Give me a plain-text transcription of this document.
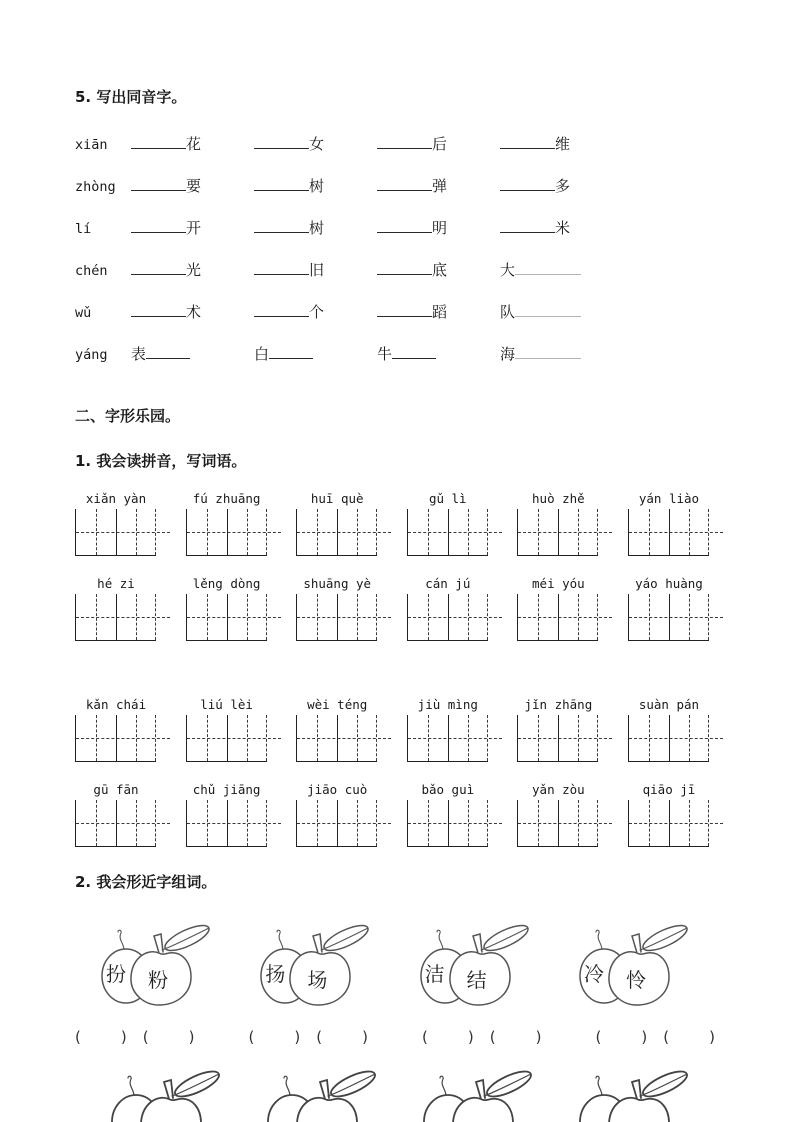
5. 写出同音字。
xiān	花	女	后	维
zhòng	要	树	弹	多
lí	开	树	明	米
chén	光	旧	底	大
wǔ	术	个	蹈	队
yáng	表	白	牛	海
二、字形乐园。
1. 我会读拼音，写词语。
xiǎn yàn	fú zhuāng	huī què	gǔ lì	huò zhě	yán liào
hé zi	lěng dòng	shuāng yè	cán jú	méi yóu	yáo huàng
kǎn chái	liú lèi	wèi téng	jiù mìng	jǐn zhāng	suàn pán
gū fān	chǔ jiāng	jiāo cuò	bǎo guì	yǎn zòu	qiāo jī
2. 我会形近字组词。
扮 粉	扬 场	洁 结	冷 怜
(	) (	)	(	) (	)	(	) (	)	(	) (	)
